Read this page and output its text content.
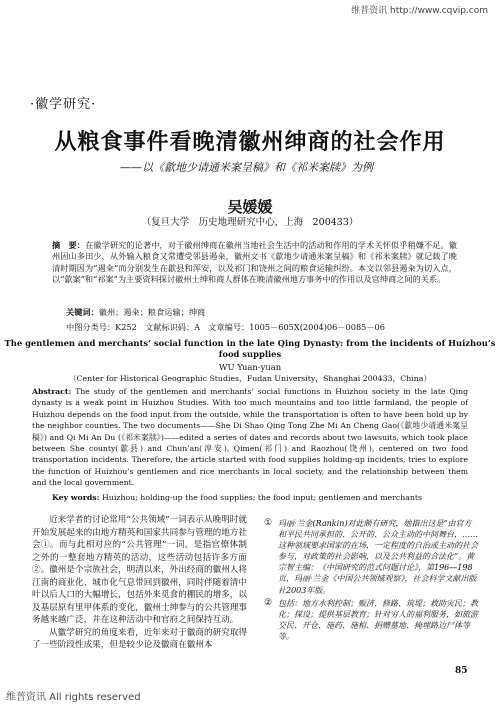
维普资讯 http://www.cqvip.com
·徽学研究·
从粮食事件看晚清徽州绅商的社会作用
——以《歙地少请通米案呈稿》和《祁米案牍》为例
吴媛媛
（复旦大学　历史地理研究中心，上海　200433）
摘　要：在徽学研究的论著中，对于徽州绅商在徽州当地社会生活中的活动和作用的学术关怀似乎稍嫌不足。徽州因山多田少，从外输入粮食又常遭受邻县遏籴，徽州文书《歙地少请通米案呈稿》和《祁米案牍》就记载了晚清时期因为“遏籴”而分别发生在歙县和浑安，以及祁门和饶州之间的粮食运输纠纷。本文以邻县遏籴为切入点，以“歙案”和“祁案”为主要资料探讨徽州士绅和商人群体在晚清徽州地方事务中的作用以及官绅商之间的关系。
关键词：徽州；遏籴；粮食运输；绅商
中图分类号：K252　文献标识码：A　文章编号：1005－605X(2004)06－0085－06
The gentlemen and merchants’ social function in the late Qing Dynasty: from the incidents of Huizhou’s food supplies
WU Yuan-yuan
（Center for Historical Geographic Studies，Fudan University，Shanghai 200433，China）
Abstract: The study of the gentlemen and merchants’ social functions in Huizhou society in the late Qing dynasty is a weak point in Huizhou Studies. With too much mountains and too little farmland, the people of Huizhou depends on the food input from the outside, while the transportation is often to have been hold up by the neighbor counties. The two documents——She Di Shao Qing Tong Zhe Mi An Cheng Gao(《歙地少请通米案呈稿》) and Qi Mi An Du (《祁米案牍》)——edited a series of dates and records about two lawsuits, which took place between She county(歙县) and Chun’an(淳安), Qimen(祁门) and Raozhou(饶州), centered on two food transportation incidents. Therefore, the article started with food supplies holding-up incidents, tries to explore the function of Huizhou’s gentlemen and rice merchants in local society, and the relationship between them and the local government.
Key words: Huizhou; holding-up the food supplies; the food input; gentlemen and merchants

近来学者的讨论常用“公共领域”一词表示从晚明时就开始发展起来的由地方精英和国家共同参与管理的地方社会①。而与此相对应的“公共管理”一词，是指官僚体制之外的一整套地方精英的活动，这些活动包括许多方面②。徽州是个宗族社会，明清以来，外出经商的徽州人将江南的商业化、城市化气息带回到徽州，同时伴随着清中叶以后人口的大幅增长，包括外来觅食的棚民的增多，以及基层原有里甲体系的变化，徽州士绅参与的公共管理事务越来越广泛，并在这种活动中和官府之间保持互动。

从徽学研究的角度来看，近年来对于徽商的研究取得了一些阶段性成果，但是较少论及徽商在徽州本

① 玛丽·兰金(Rankin)对此颇有研究，她指出这是“由官方和平民共同承担的、公开的、公众主动的中间舞台，……这种领域要求国家的在场，一定程度的自治或主动的社会参与，对政策的社会影响，以及公共利益的合法化”。黄宗智主编：《中国研究的范式问题讨论》，第196—198页，玛丽·兰金《中国公共领域观察》，社会科学文献出版社2003年版。
② 包括：地方水利控制；赈济、修路、筑堤；救助灾民；教化；探设；提供基层教育；针对穷人的福利服务，如旅游交民、开仓、施药、施棺、捐赠墓地、掩埋路边尸体等等。
85
维普资讯 All rights reserved
